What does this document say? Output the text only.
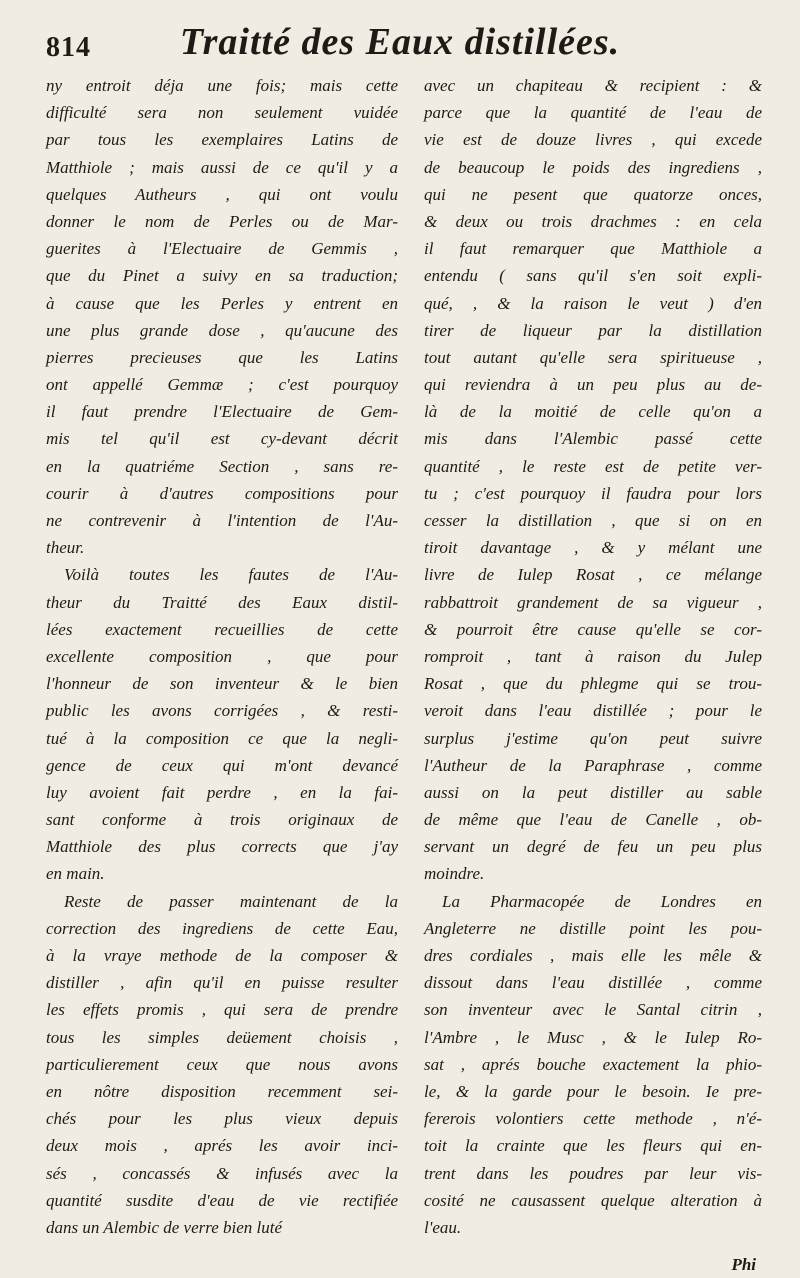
814	Traitté des Eaux distillées.
ny entroit déja une fois; mais cette
difficulté sera non seulement vuidée
par tous les exemplaires Latins de
Matthiole ; mais aussi de ce qu'il y a
quelques Autheurs , qui ont voulu
donner le nom de Perles ou de Mar-
guerites à l'Electuaire de Gemmis ,
que du Pinet a suivy en sa traduction;
à cause que les Perles y entrent en
une plus grande dose , qu'aucune des
pierres precieuses que les Latins
ont appellé Gemmæ ; c'est pourquoy
il faut prendre l'Electuaire de Gem-
mis tel qu'il est cy-devant décrit
en la quatriéme Section , sans re-
courir à d'autres compositions pour
ne contrevenir à l'intention de l'Au-
theur.
Voilà toutes les fautes de l'Au-
theur du Traitté des Eaux distil-
lées exactement recueillies de cette
excellente composition , que pour
l'honneur de son inventeur & le bien
public les avons corrigées , & resti-
tué à la composition ce que la negli-
gence de ceux qui m'ont devancé
luy avoient fait perdre , en la fai-
sant conforme à trois originaux de
Matthiole des plus corrects que j'ay
en main.
Reste de passer maintenant de la
correction des ingrediens de cette Eau,
à la vraye methode de la composer &
distiller , afin qu'il en puisse resulter
les effets promis , qui sera de prendre
tous les simples deüement choisis ,
particulierement ceux que nous avons
en nôtre disposition recemment sei-
chés pour les plus vieux depuis
deux mois , aprés les avoir inci-
sés , concassés & infusés avec la
quantité susdite d'eau de vie rectifiée
dans un Alembic de verre bien luté
avec un chapiteau & recipient : &
parce que la quantité de l'eau de
vie est de douze livres , qui excede
de beaucoup le poids des ingrediens ,
qui ne pesent que quatorze onces,
& deux ou trois drachmes : en cela
il faut remarquer que Matthiole a
entendu ( sans qu'il s'en soit expli-
qué, , & la raison le veut ) d'en
tirer de liqueur par la distillation
tout autant qu'elle sera spiritueuse ,
qui reviendra à un peu plus au de-
là de la moitié de celle qu'on a
mis dans l'Alembic passé cette
quantité , le reste est de petite ver-
tu ; c'est pourquoy il faudra pour lors
cesser la distillation , que si on en
tiroit davantage , & y mélant une
livre de Iulep Rosat , ce mélange
rabbattroit grandement de sa vigueur ,
& pourroit être cause qu'elle se cor-
romproit , tant à raison du Julep
Rosat , que du phlegme qui se trou-
veroit dans l'eau distillée ; pour le
surplus j'estime qu'on peut suivre
l'Autheur de la Paraphrase , comme
aussi on la peut distiller au sable
de même que l'eau de Canelle , ob-
servant un degré de feu un peu plus
moindre.
La Pharmacopée de Londres en
Angleterre ne distille point les pou-
dres cordiales , mais elle les mêle &
dissout dans l'eau distillée , comme
son inventeur avec le Santal citrin ,
l'Ambre , le Musc , & le Iulep Ro-
sat , aprés bouche exactement la phio-
le, & la garde pour le besoin. Ie pre-
fererois volontiers cette methode , n'é-
toit la crainte que les fleurs qui en-
trent dans les poudres par leur vis-
cosité ne causassent quelque alteration à
l'eau.
Phi
